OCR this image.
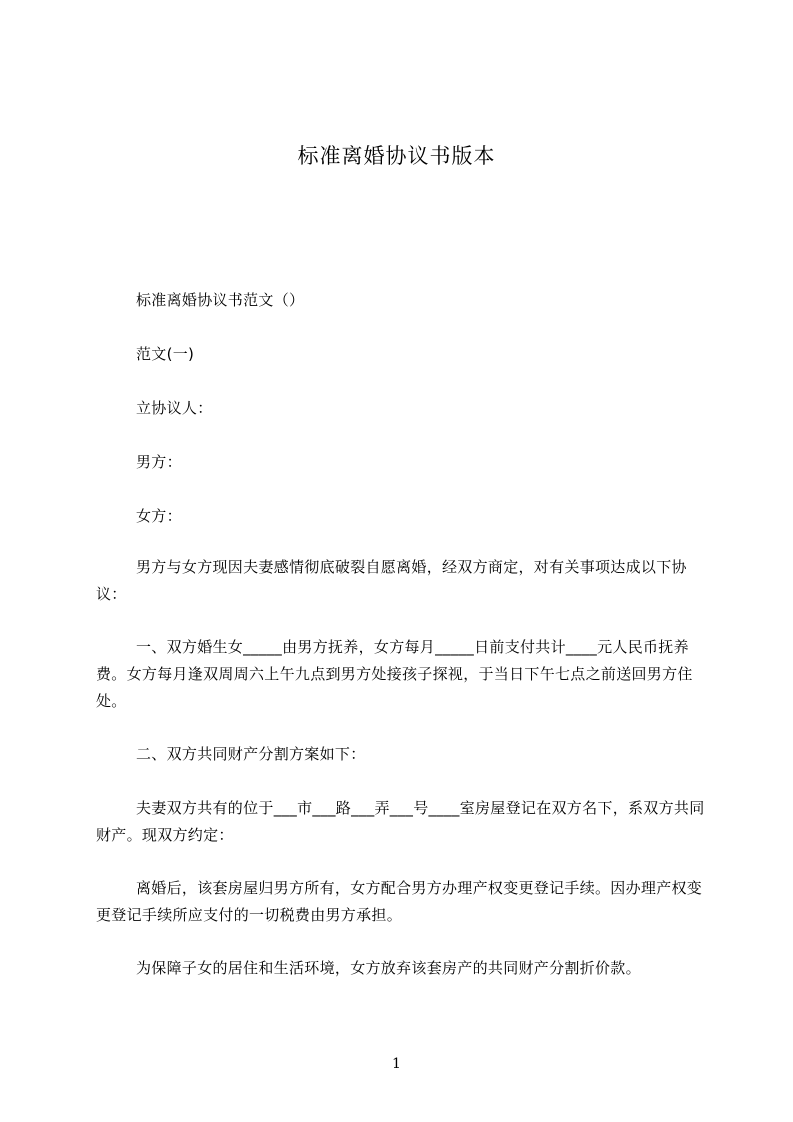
标准离婚协议书版本
标准离婚协议书范文（）
范文(一)
立协议人：
男方：
女方：
男方与女方现因夫妻感情彻底破裂自愿离婚，经双方商定，对有关事项达成以下协议：
一、双方婚生女_____由男方抚养，女方每月_____日前支付共计____元人民币抚养费。女方每月逢双周周六上午九点到男方处接孩子探视，于当日下午七点之前送回男方住处。
二、双方共同财产分割方案如下：
夫妻双方共有的位于___市___路___弄___号____室房屋登记在双方名下，系双方共同财产。现双方约定：
离婚后，该套房屋归男方所有，女方配合男方办理产权变更登记手续。因办理产权变更登记手续所应支付的一切税费由男方承担。
为保障子女的居住和生活环境，女方放弃该套房产的共同财产分割折价款。
1
